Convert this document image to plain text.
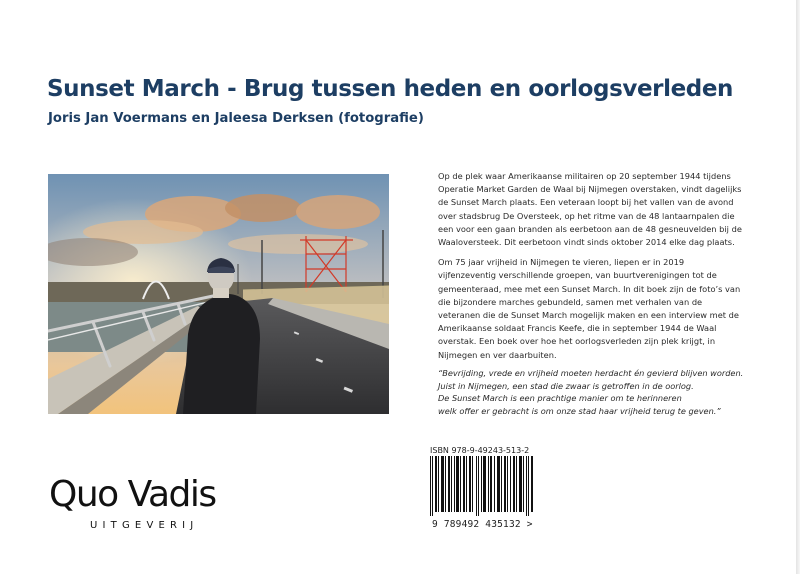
Sunset March - Brug tussen heden en oorlogsverleden
Joris Jan Voermans en Jaleesa Derksen (fotografie)

Op de plek waar Amerikaanse militairen op 20 september 1944 tijdens Operatie Market Garden de Waal bij Nijmegen overstaken, vindt dagelijks de Sunset March plaats. Een veteraan loopt bij het vallen van de avond over stadsbrug De Oversteek, op het ritme van de 48 lantaarnpalen die een voor een gaan branden als eerbetoon aan de 48 gesneuvelden bij de Waaloversteek. Dit eerbetoon vindt sinds oktober 2014 elke dag plaats.

Om 75 jaar vrijheid in Nijmegen te vieren, liepen er in 2019 vijfenzeventig verschillende groepen, van buurtverenigingen tot de gemeenteraad, mee met een Sunset March. In dit boek zijn de foto’s van die bijzondere marches gebundeld, samen met verhalen van de veteranen die de Sunset March mogelijk maken en een interview met de Amerikaanse soldaat Francis Keefe, die in september 1944 de Waal overstak. Een boek over hoe het oorlogsverleden zijn plek krijgt, in Nijmegen en ver daarbuiten.

“Bevrijding, vrede en vrijheid moeten herdacht én gevierd blijven worden.
Juist in Nijmegen, een stad die zwaar is getroffen in de oorlog.
De Sunset March is een prachtige manier om te herinneren
welk offer er gebracht is om onze stad haar vrijheid terug te geven.”
ISBN 978-9-49243-513-2
9 789492 435132 >
Quo Vadis
UITGEVERIJ
